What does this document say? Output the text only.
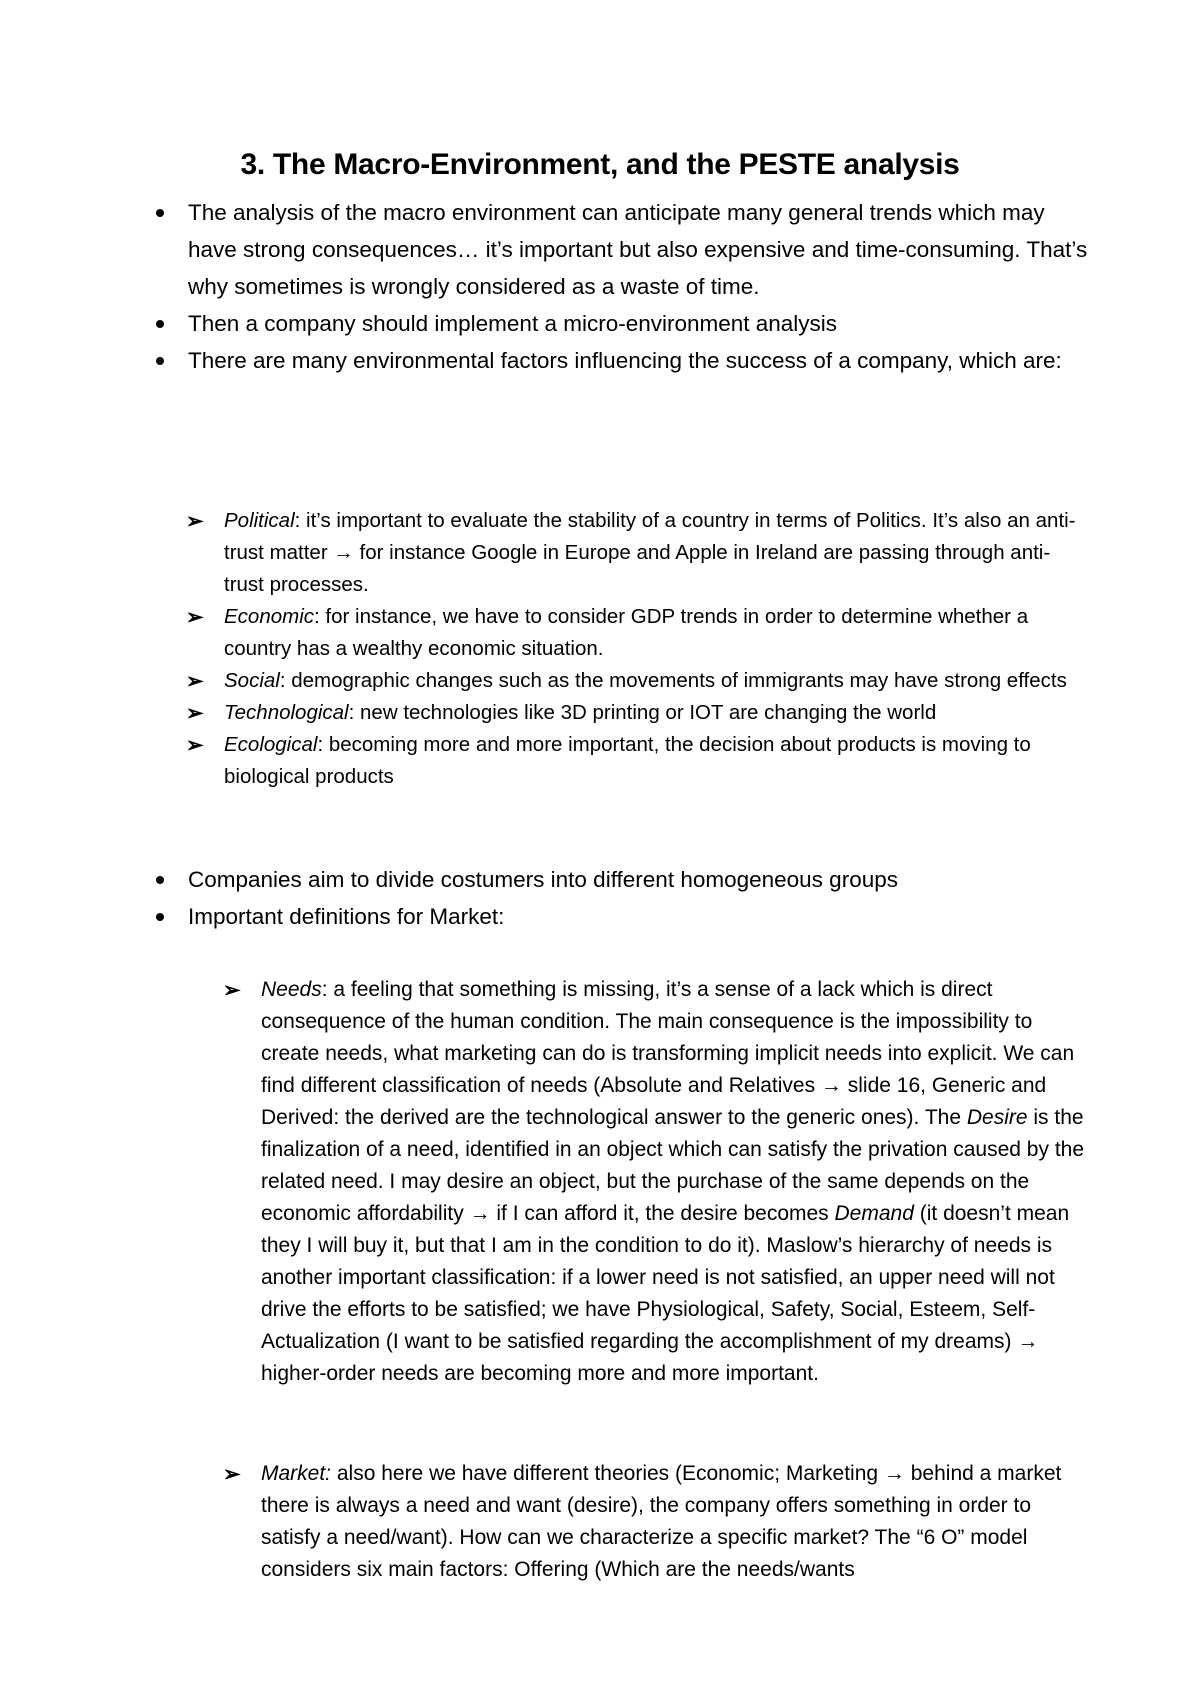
3. The Macro-Environment, and the PESTE analysis
The analysis of the macro environment can anticipate many general trends which may have strong consequences… it’s important but also expensive and time-consuming. That’s why sometimes is wrongly considered as a waste of time.
Then a company should implement a micro-environment analysis
There are many environmental factors influencing the success of a company, which are:
➢ Political: it’s important to evaluate the stability of a country in terms of Politics. It’s also an anti-trust matter → for instance Google in Europe and Apple in Ireland are passing through anti-trust processes.
➢ Economic: for instance, we have to consider GDP trends in order to determine whether a country has a wealthy economic situation.
➢ Social: demographic changes such as the movements of immigrants may have strong effects
➢ Technological: new technologies like 3D printing or IOT are changing the world
➢ Ecological: becoming more and more important, the decision about products is moving to biological products
Companies aim to divide costumers into different homogeneous groups
Important definitions for Market:
➢ Needs: a feeling that something is missing, it’s a sense of a lack which is direct consequence of the human condition. The main consequence is the impossibility to create needs, what marketing can do is transforming implicit needs into explicit. We can find different classification of needs (Absolute and Relatives → slide 16, Generic and Derived: the derived are the technological answer to the generic ones). The Desire is the finalization of a need, identified in an object which can satisfy the privation caused by the related need. I may desire an object, but the purchase of the same depends on the economic affordability → if I can afford it, the desire becomes Demand (it doesn’t mean they I will buy it, but that I am in the condition to do it). Maslow’s hierarchy of needs is another important classification: if a lower need is not satisfied, an upper need will not drive the efforts to be satisfied; we have Physiological, Safety, Social, Esteem, Self-Actualization (I want to be satisfied regarding the accomplishment of my dreams) → higher-order needs are becoming more and more important.
➢ Market: also here we have different theories (Economic; Marketing → behind a market there is always a need and want (desire), the company offers something in order to satisfy a need/want). How can we characterize a specific market? The “6 O” model considers six main factors: Offering (Which are the needs/wants
